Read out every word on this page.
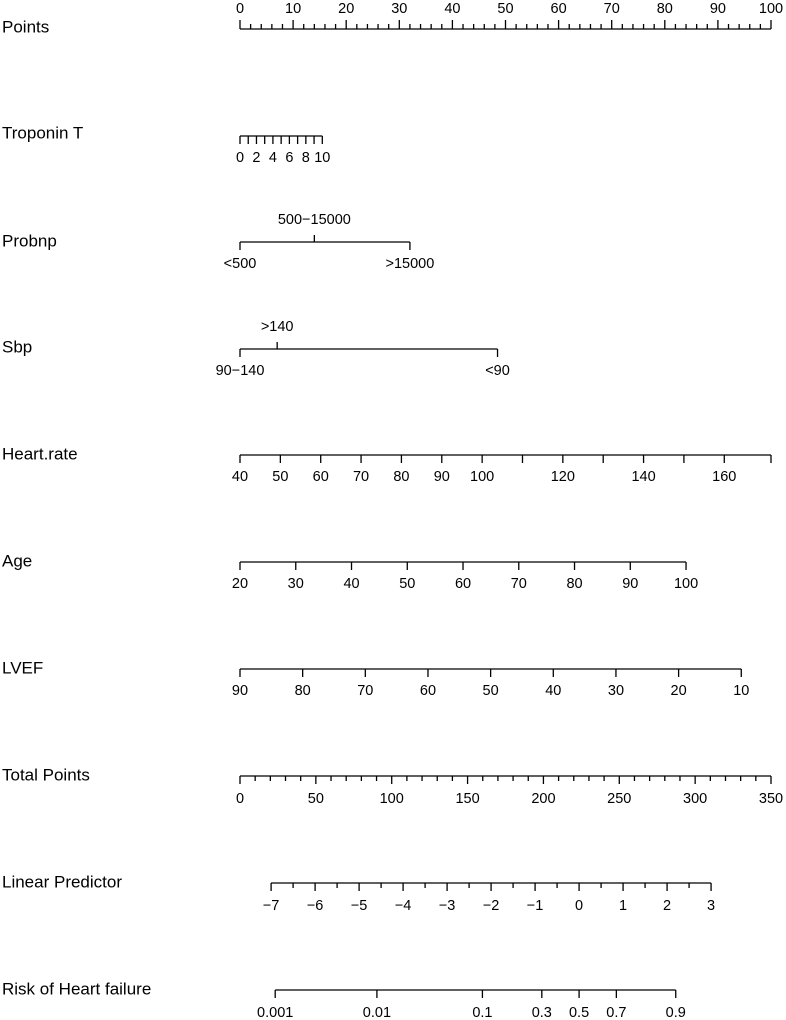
Points
0	10	20	30	40	50	60	70	80	90 100
Troponin T
0 2 4 6 8 10
Probnp
<500
500−15000
>15000
Sbp
90−140
>140
<90
Heart.rate
40 50 60 70 80 90 100	120	140	160
Age
20	30	40	50	60	70	80	90 100
LVEF
90	80	70	60	50	40	30	20	10
Total Points
0	50	100	150	200	250	300	350
Linear Predictor
−7 −6 −5 −4 −3 −2 −1 0 1 2 3
Risk of Heart failure
0.001	0.01	0.1	0.3 0.5 0.7	0.9
